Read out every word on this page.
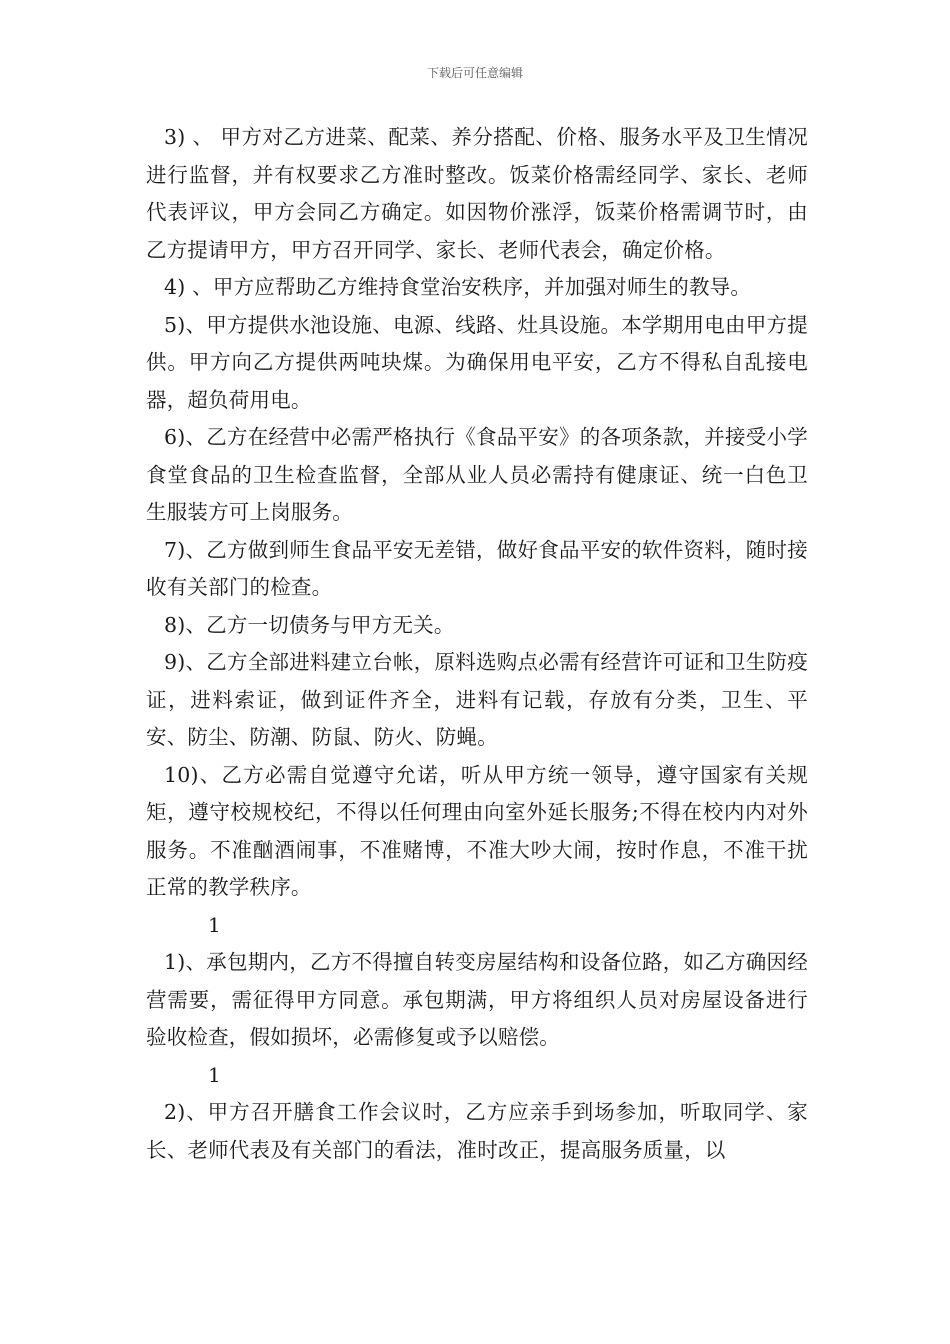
下载后可任意编辑

3) 、 甲方对乙方进菜、配菜、养分搭配、价格、服务水平及卫生情况进行监督，并有权要求乙方准时整改。饭菜价格需经同学、家长、老师代表评议，甲方会同乙方确定。如因物价涨浮，饭菜价格需调节时，由乙方提请甲方，甲方召开同学、家长、老师代表会，确定价格。

4) 、甲方应帮助乙方维持食堂治安秩序，并加强对师生的教导。

5)、甲方提供水池设施、电源、线路、灶具设施。本学期用电由甲方提供。甲方向乙方提供两吨块煤。为确保用电平安，乙方不得私自乱接电器，超负荷用电。

6)、乙方在经营中必需严格执行《食品平安》的各项条款，并接受小学食堂食品的卫生检查监督，全部从业人员必需持有健康证、统一白色卫生服装方可上岗服务。

7)、乙方做到师生食品平安无差错，做好食品平安的软件资料，随时接收有关部门的检查。

8)、乙方一切债务与甲方无关。

9)、乙方全部进料建立台帐，原料选购点必需有经营许可证和卫生防疫证，进料索证，做到证件齐全，进料有记载，存放有分类，卫生、平安、防尘、防潮、防鼠、防火、防蝇。

10)、乙方必需自觉遵守允诺，听从甲方统一领导，遵守国家有关规矩，遵守校规校纪，不得以任何理由向室外延长服务;不得在校内内对外服务。不准酗酒闹事，不准赌博，不准大吵大闹，按时作息，不准干扰正常的教学秩序。

1

1)、承包期内，乙方不得擅自转变房屋结构和设备位路，如乙方确因经营需要，需征得甲方同意。承包期满，甲方将组织人员对房屋设备进行验收检查，假如损坏，必需修复或予以赔偿。

1

2)、甲方召开膳食工作会议时，乙方应亲手到场参加，听取同学、家长、老师代表及有关部门的看法，准时改正，提高服务质量，以
